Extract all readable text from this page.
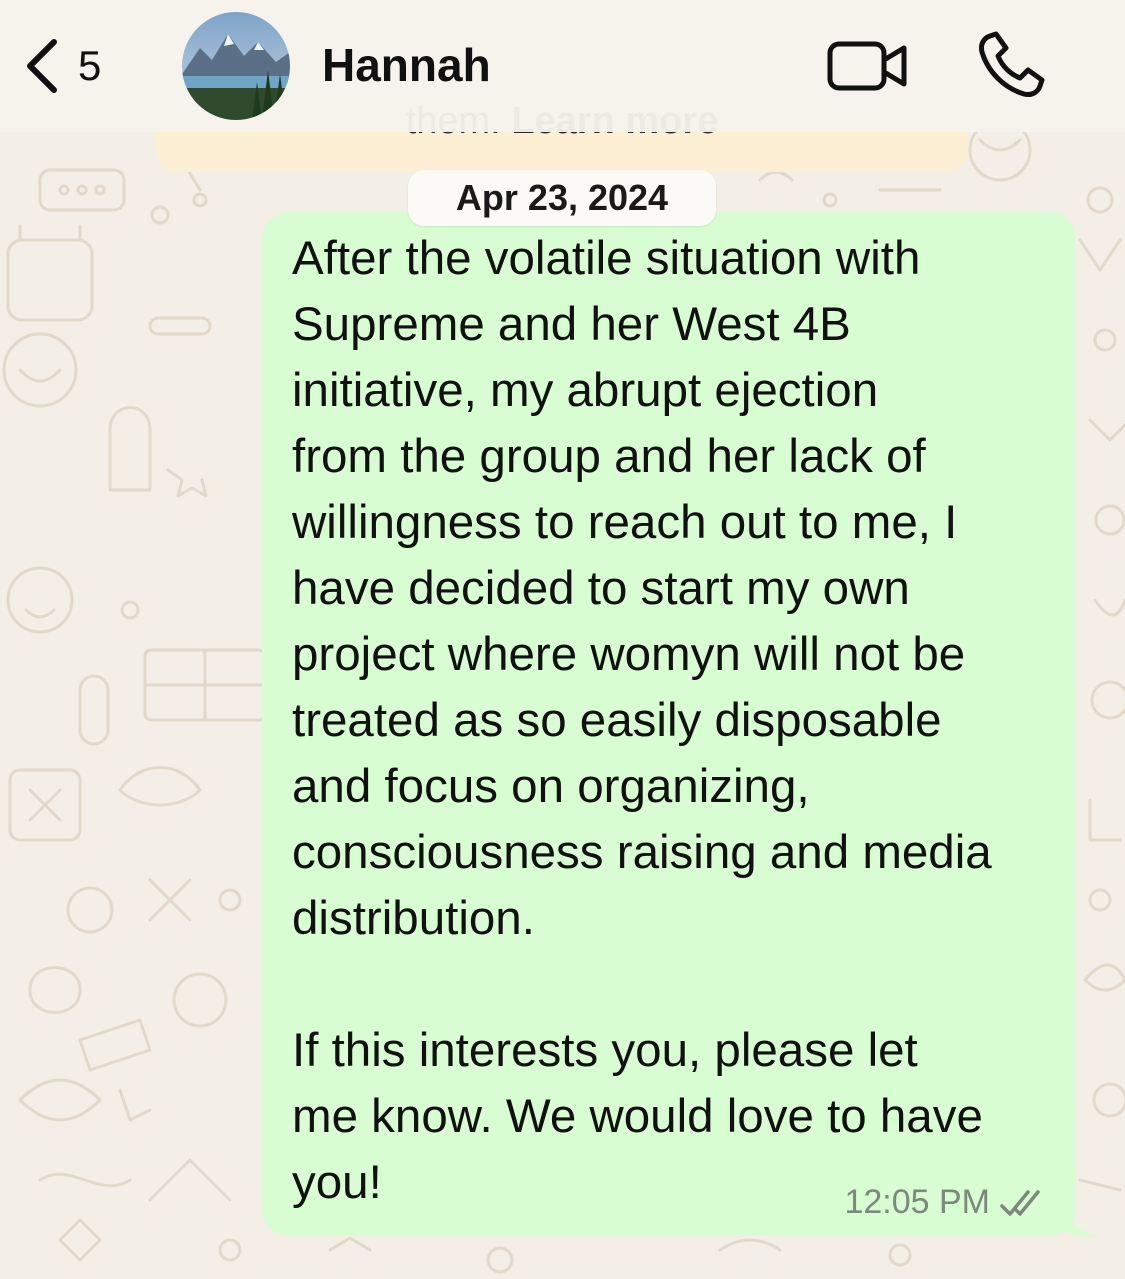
5	Hannah
Apr 23, 2024
After the volatile situation with
Supreme and her West 4B
initiative, my abrupt ejection
from the group and her lack of
willingness to reach out to me, I
have decided to start my own
project where womyn will not be
treated as so easily disposable
and focus on organizing,
consciousness raising and media
distribution.

If this interests you, please let
me know. We would love to have
you!	12:05 PM
